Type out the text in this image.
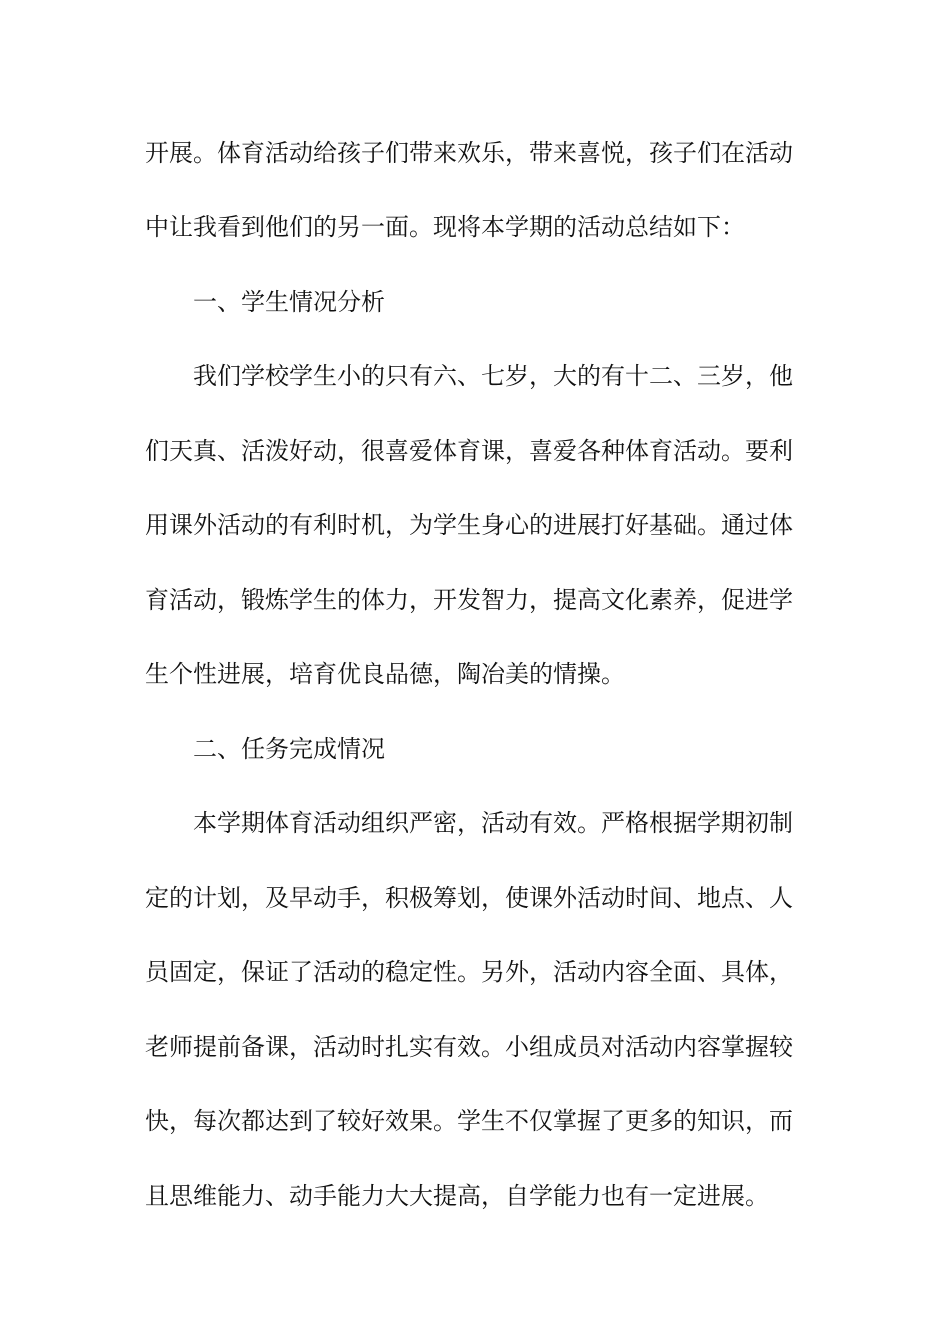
开展。体育活动给孩子们带来欢乐，带来喜悦，孩子们在活动
中让我看到他们的另一面。现将本学期的活动总结如下：
一、学生情况分析
我们学校学生小的只有六、七岁，大的有十二、三岁，他
们天真、活泼好动，很喜爱体育课，喜爱各种体育活动。要利
用课外活动的有利时机，为学生身心的进展打好基础。通过体
育活动，锻炼学生的体力，开发智力，提高文化素养，促进学
生个性进展，培育优良品德，陶冶美的情操。
二、任务完成情况
本学期体育活动组织严密，活动有效。严格根据学期初制
定的计划，及早动手，积极筹划，使课外活动时间、地点、人
员固定，保证了活动的稳定性。另外，活动内容全面、具体，
老师提前备课，活动时扎实有效。小组成员对活动内容掌握较
快，每次都达到了较好效果。学生不仅掌握了更多的知识，而
且思维能力、动手能力大大提高，自学能力也有一定进展。
